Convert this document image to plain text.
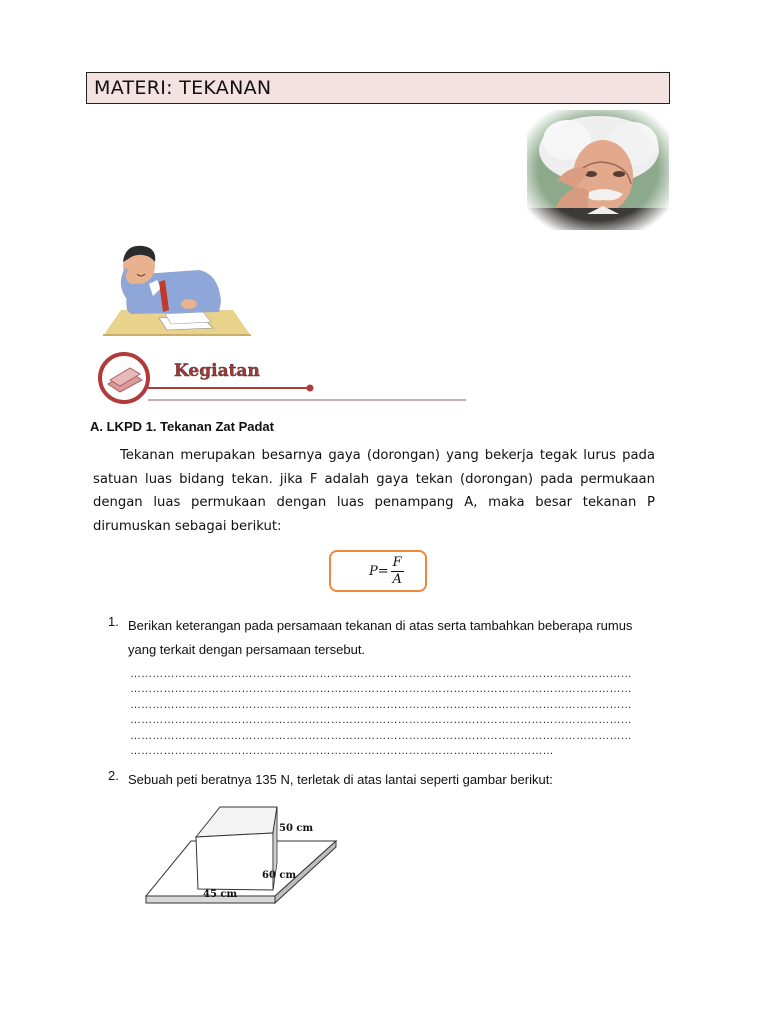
MATERI: TEKANAN
Kegiatan
A. LKPD 1. Tekanan Zat Padat

Tekanan merupakan besarnya gaya (dorongan) yang bekerja tegak lurus pada satuan luas bidang tekan. jika F adalah gaya tekan (dorongan) pada permukaan dengan luas permukaan dengan luas penampang A, maka besar tekanan P dirumuskan sebagai berikut:

$P = \frac{F}{A}$
1. Berikan keterangan pada persamaan tekanan di atas serta tambahkan beberapa rumus yang terkait dengan persamaan tersebut.
………………………………………………………………………………………………………………………
………………………………………………………………………………………………………………………
………………………………………………………………………………………………………………………
………………………………………………………………………………………………………………………
………………………………………………………………………………………………………………………
……………………………………………………………………………………………………
2. Sebuah peti beratnya 135 N, terletak di atas lantai seperti gambar berikut:
50 cm
60 cm
45 cm
